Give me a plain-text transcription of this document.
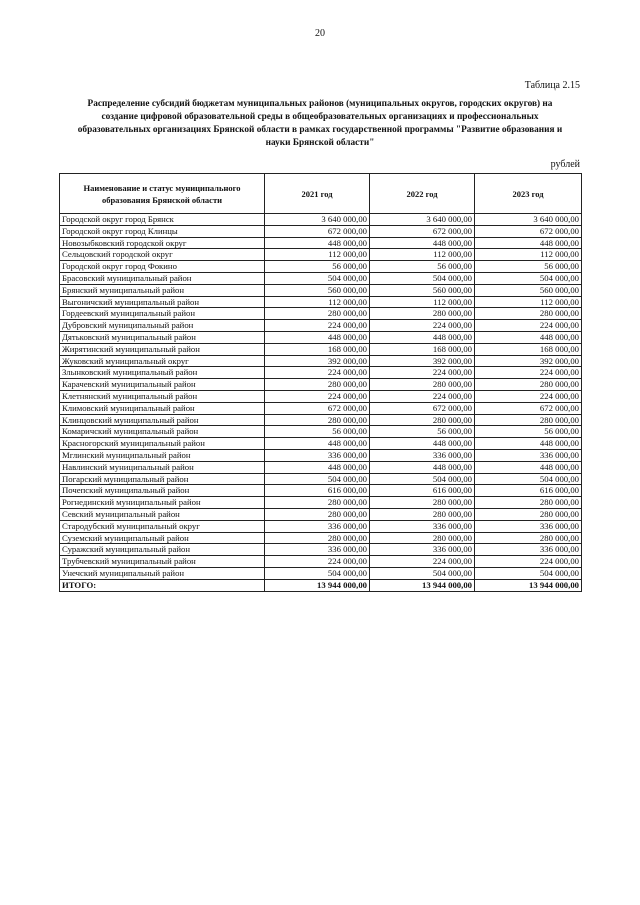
20
Таблица 2.15
Распределение субсидий бюджетам муниципальных районов (муниципальных округов, городских округов) на
создание цифровой образовательной среды в общеобразовательных организациях и профессиональных
образовательных организациях Брянской области в рамках государственной программы "Развитие образования и
науки Брянской области"
рублей
Наименование и статус муниципального образования Брянской области	2021 год	2022 год	2023 год
Городской округ город Брянск	3 640 000,00	3 640 000,00	3 640 000,00
Городской округ город Клинцы	672 000,00	672 000,00	672 000,00
Новозыбковский городской округ	448 000,00	448 000,00	448 000,00
Сельцовский городской округ	112 000,00	112 000,00	112 000,00
Городской округ город Фокино	56 000,00	56 000,00	56 000,00
Брасовский муниципальный район	504 000,00	504 000,00	504 000,00
Брянский муниципальный район	560 000,00	560 000,00	560 000,00
Выгоничский муниципальный район	112 000,00	112 000,00	112 000,00
Гордеевский муниципальный район	280 000,00	280 000,00	280 000,00
Дубровский муниципальный район	224 000,00	224 000,00	224 000,00
Дятьковский муниципальный район	448 000,00	448 000,00	448 000,00
Жирятинский муниципальный район	168 000,00	168 000,00	168 000,00
Жуковский муниципальный округ	392 000,00	392 000,00	392 000,00
Злынковский муниципальный район	224 000,00	224 000,00	224 000,00
Карачевский муниципальный район	280 000,00	280 000,00	280 000,00
Клетнянский муниципальный район	224 000,00	224 000,00	224 000,00
Климовский муниципальный район	672 000,00	672 000,00	672 000,00
Клинцовский муниципальный район	280 000,00	280 000,00	280 000,00
Комаричский муниципальный район	56 000,00	56 000,00	56 000,00
Красногорский муниципальный район	448 000,00	448 000,00	448 000,00
Мглинский муниципальный район	336 000,00	336 000,00	336 000,00
Навлинский муниципальный район	448 000,00	448 000,00	448 000,00
Погарский муниципальный район	504 000,00	504 000,00	504 000,00
Почепский муниципальный район	616 000,00	616 000,00	616 000,00
Рогнединский муниципальный район	280 000,00	280 000,00	280 000,00
Севский муниципальный район	280 000,00	280 000,00	280 000,00
Стародубский муниципальный округ	336 000,00	336 000,00	336 000,00
Суземский муниципальный район	280 000,00	280 000,00	280 000,00
Суражский муниципальный район	336 000,00	336 000,00	336 000,00
Трубчевский муниципальный район	224 000,00	224 000,00	224 000,00
Унечский муниципальный район	504 000,00	504 000,00	504 000,00
ИТОГО:	13 944 000,00	13 944 000,00	13 944 000,00
